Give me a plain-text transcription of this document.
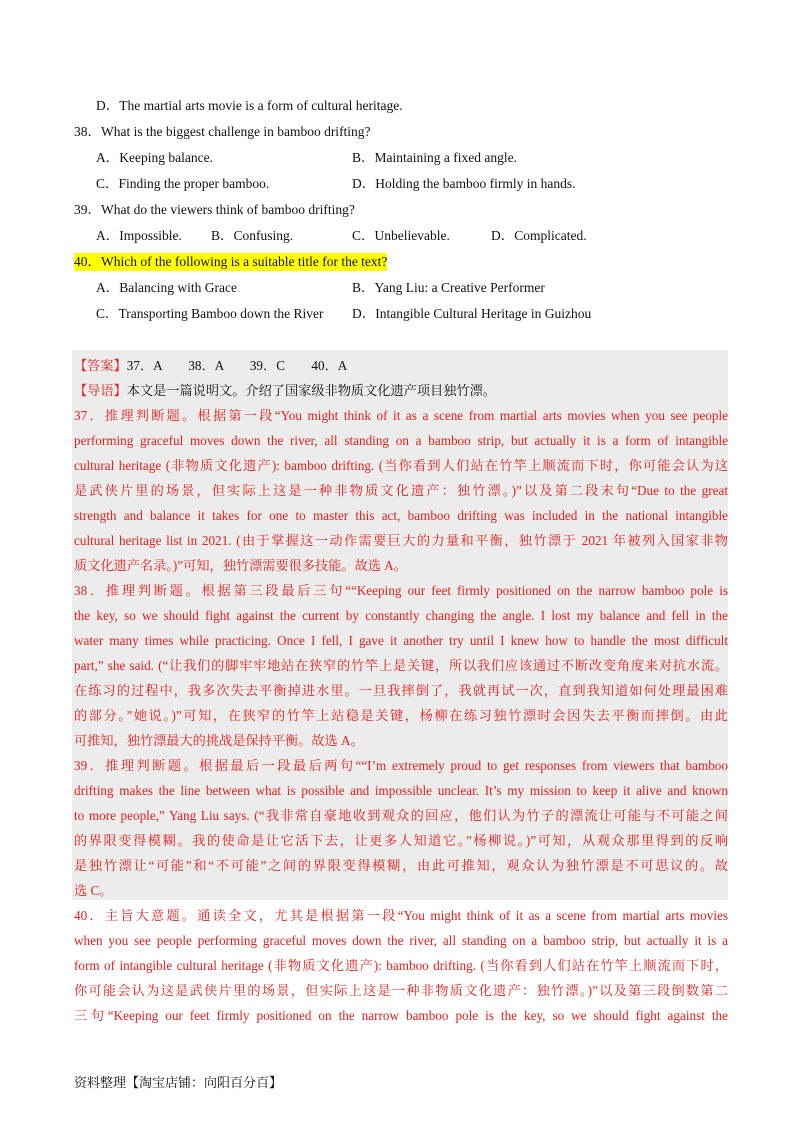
D．The martial arts movie is a form of cultural heritage.
38．What is the biggest challenge in bamboo drifting?
A．Keeping balance.	B．Maintaining a fixed angle.
C．Finding the proper bamboo.	D．Holding the bamboo firmly in hands.
39．What do the viewers think of bamboo drifting?
A．Impossible. B．Confusing.	C．Unbelievable.	D．Complicated.
40．Which of the following is a suitable title for the text?
A．Balancing with Grace	B．Yang Liu: a Creative Performer
C．Transporting Bamboo down the River D．Intangible Cultural Heritage in Guizhou
【答案】37．A　　38．A　　39．C　　40．A
【导语】本文是一篇说明文。介绍了国家级非物质文化遗产项目独竹漂。
37．推理判断题。根据第一段“You might think of it as a scene from martial arts movies when you see people
performing graceful moves down the river, all standing on a bamboo strip, but actually it is a form of intangible
cultural heritage (非物质文化遗产): bamboo drifting. (当你看到人们站在竹竿上顺流而下时，你可能会认为这
是武侠片里的场景，但实际上这是一种非物质文化遗产：独竹漂。)”以及第二段末句“Due to the great
strength and balance it takes for one to master this act, bamboo drifting was included in the national intangible
cultural heritage list in 2021. (由于掌握这一动作需要巨大的力量和平衡，独竹漂于 2021 年被列入国家非物
质文化遗产名录。)”可知，独竹漂需要很多技能。故选 A。
38．推理判断题。根据第三段最后三句““Keeping our feet firmly positioned on the narrow bamboo pole is
the key, so we should fight against the current by constantly changing the angle. I lost my balance and fell in the
water many times while practicing. Once I fell, I gave it another try until I knew how to handle the most difficult
part,” she said. (“让我们的脚牢牢地站在狭窄的竹竿上是关键，所以我们应该通过不断改变角度来对抗水流。
在练习的过程中，我多次失去平衡掉进水里。一旦我摔倒了，我就再试一次，直到我知道如何处理最困难
的部分。”她说。)”可知，在狭窄的竹竿上站稳是关键，杨柳在练习独竹漂时会因失去平衡而摔倒。由此
可推知，独竹漂最大的挑战是保持平衡。故选 A。
39．推理判断题。根据最后一段最后两句““I’m extremely proud to get responses from viewers that bamboo
drifting makes the line between what is possible and impossible unclear. It’s my mission to keep it alive and known
to more people,” Yang Liu says. (“我非常自豪地收到观众的回应，他们认为竹子的漂流让可能与不可能之间
的界限变得模糊。我的使命是让它活下去，让更多人知道它。”杨柳说。)”可知，从观众那里得到的反响
是独竹漂让“可能”和“不可能”之间的界限变得模糊，由此可推知，观众认为独竹漂是不可思议的。故
选 C。
40．主旨大意题。通读全文，尤其是根据第一段“You might think of it as a scene from martial arts movies
when you see people performing graceful moves down the river, all standing on a bamboo strip, but actually it is a
form of intangible cultural heritage (非物质文化遗产): bamboo drifting. (当你看到人们站在竹竿上顺流而下时，
你可能会认为这是武侠片里的场景，但实际上这是一种非物质文化遗产：独竹漂。)”以及第三段倒数第二
三句“Keeping our feet firmly positioned on the narrow bamboo pole is the key, so we should fight against the
资料整理【淘宝店铺：向阳百分百】
